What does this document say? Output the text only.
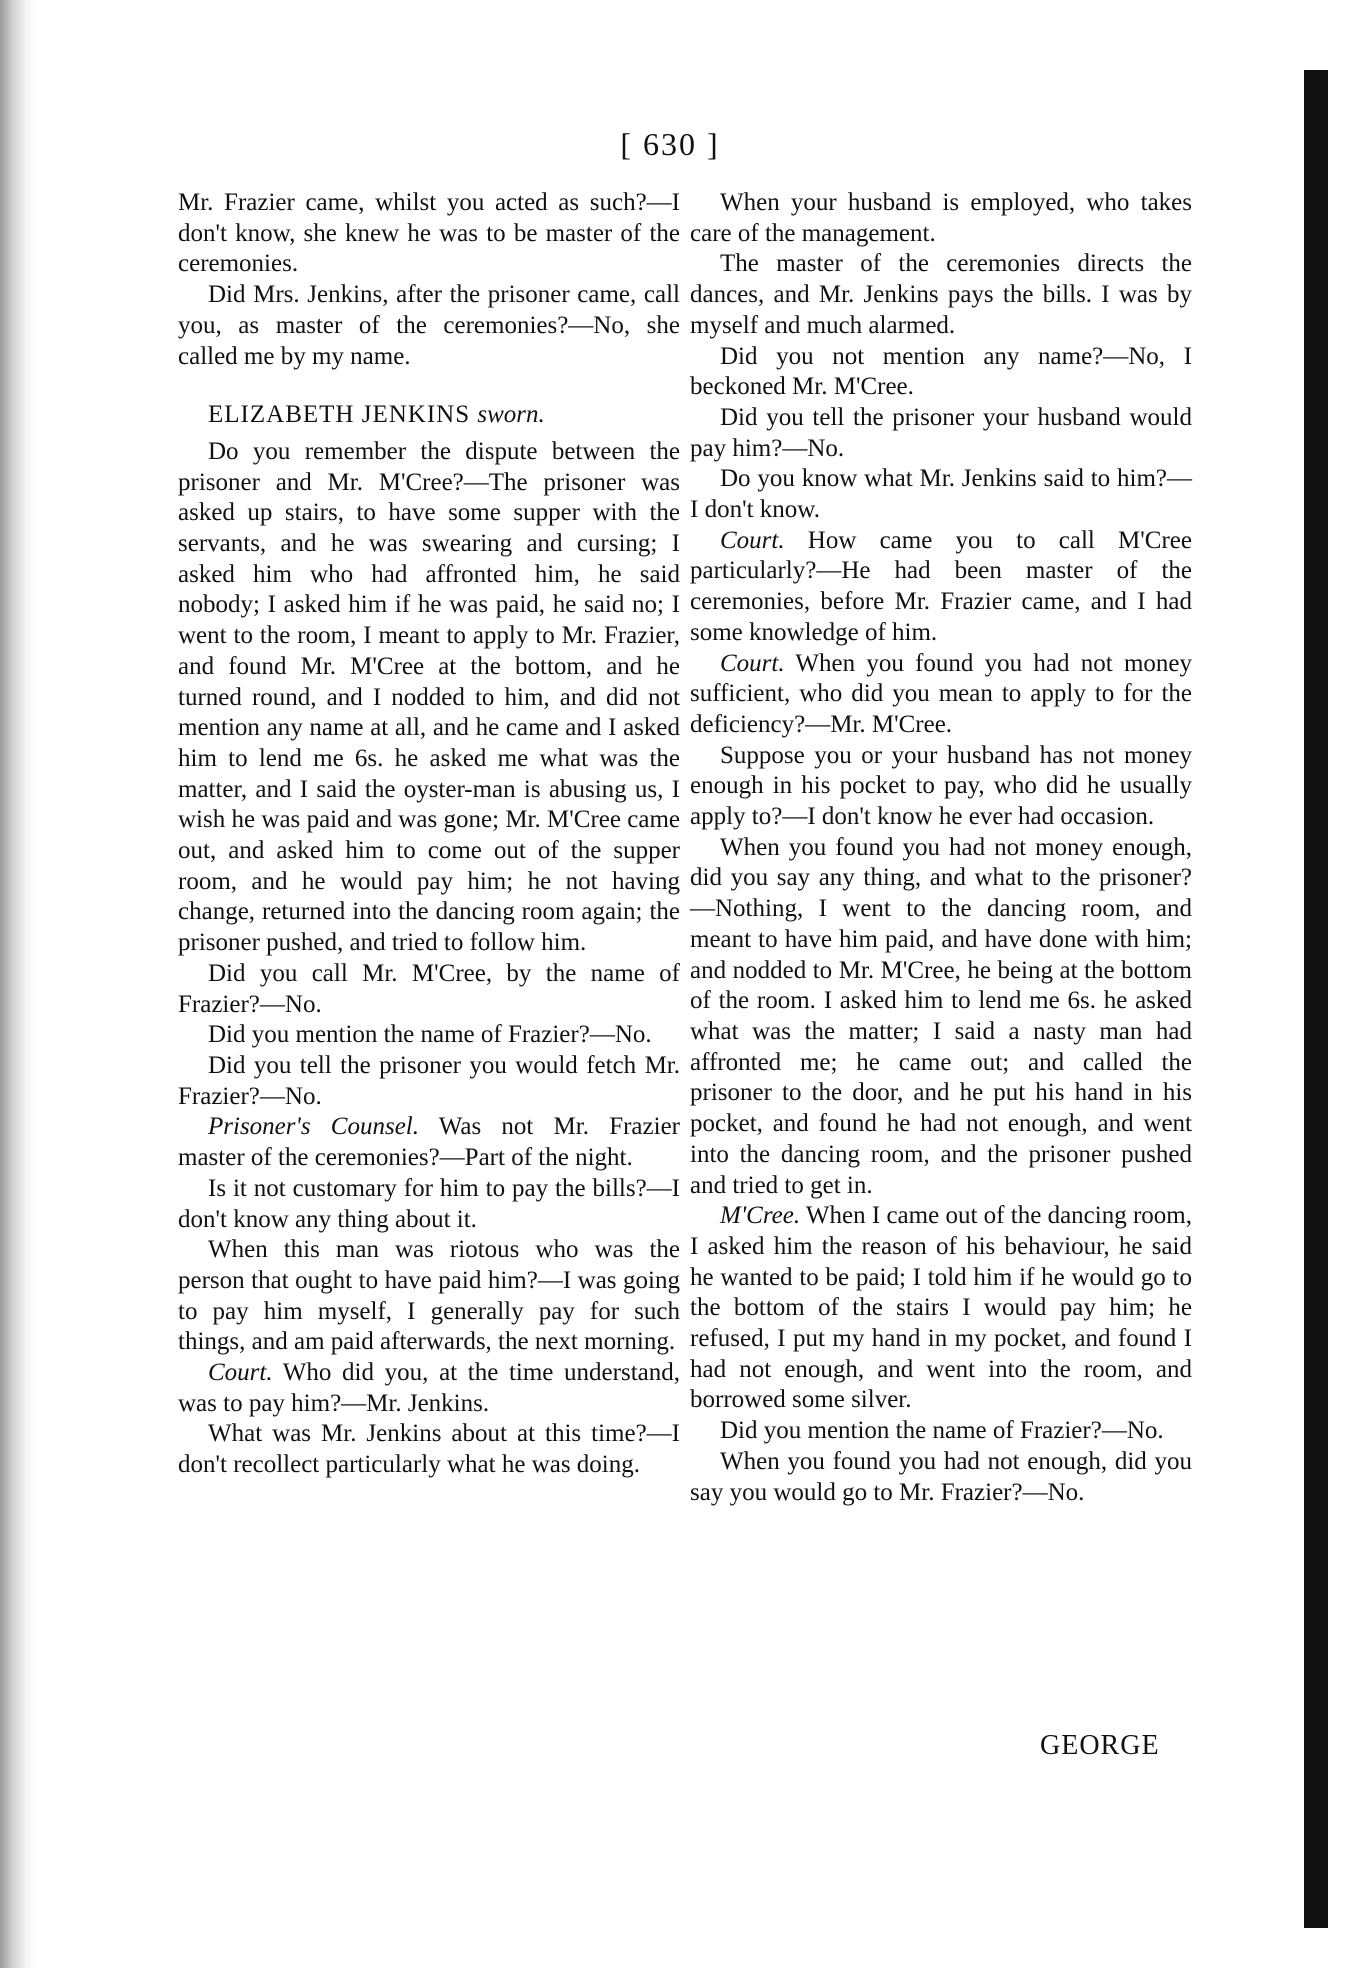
[ 630 ]

Mr. Frazier came, whilst you acted as such?—I don't know, she knew he was to be master of the ceremonies.

Did Mrs. Jenkins, after the prisoner came, call you, as master of the ceremonies?—No, she called me by my name.

ELIZABETH JENKINS sworn.

Do you remember the dispute between the prisoner and Mr. M'Cree?—The prisoner was asked up stairs, to have some supper with the servants, and he was swearing and cursing; I asked him who had affronted him, he said nobody; I asked him if he was paid, he said no; I went to the room, I meant to apply to Mr. Frazier, and found Mr. M'Cree at the bottom, and he turned round, and I nodded to him, and did not mention any name at all, and he came and I asked him to lend me 6s. he asked me what was the matter, and I said the oyster-man is abusing us, I wish he was paid and was gone; Mr. M'Cree came out, and asked him to come out of the supper room, and he would pay him; he not having change, returned into the dancing room again; the prisoner pushed, and tried to follow him.

Did you call Mr. M'Cree, by the name of Frazier?—No.

Did you mention the name of Frazier?—No.

Did you tell the prisoner you would fetch Mr. Frazier?—No.

Prisoner's Counsel. Was not Mr. Frazier master of the ceremonies?—Part of the night.

Is it not customary for him to pay the bills?—I don't know any thing about it.

When this man was riotous who was the person that ought to have paid him?—I was going to pay him myself, I generally pay for such things, and am paid afterwards, the next morning.

Court. Who did you, at the time understand, was to pay him?—Mr. Jenkins.

What was Mr. Jenkins about at this time?—I don't recollect particularly what he was doing.

When your husband is employed, who takes care of the management.

The master of the ceremonies directs the dances, and Mr. Jenkins pays the bills. I was by myself and much alarmed.

Did you not mention any name?—No, I beckoned Mr. M'Cree.

Did you tell the prisoner your husband would pay him?—No.

Do you know what Mr. Jenkins said to him?—I don't know.

Court. How came you to call M'Cree particularly?—He had been master of the ceremonies, before Mr. Frazier came, and I had some knowledge of him.

Court. When you found you had not money sufficient, who did you mean to apply to for the deficiency?—Mr. M'Cree.

Suppose you or your husband has not money enough in his pocket to pay, who did he usually apply to?—I don't know he ever had occasion.

When you found you had not money enough, did you say any thing, and what to the prisoner?—Nothing, I went to the dancing room, and meant to have him paid, and have done with him; and nodded to Mr. M'Cree, he being at the bottom of the room. I asked him to lend me 6s. he asked what was the matter; I said a nasty man had affronted me; he came out; and called the prisoner to the door, and he put his hand in his pocket, and found he had not enough, and went into the dancing room, and the prisoner pushed and tried to get in.

M'Cree. When I came out of the dancing room, I asked him the reason of his behaviour, he said he wanted to be paid; I told him if he would go to the bottom of the stairs I would pay him; he refused, I put my hand in my pocket, and found I had not enough, and went into the room, and borrowed some silver.

Did you mention the name of Frazier?—No.

When you found you had not enough, did you say you would go to Mr. Frazier?—No.

GEORGE
